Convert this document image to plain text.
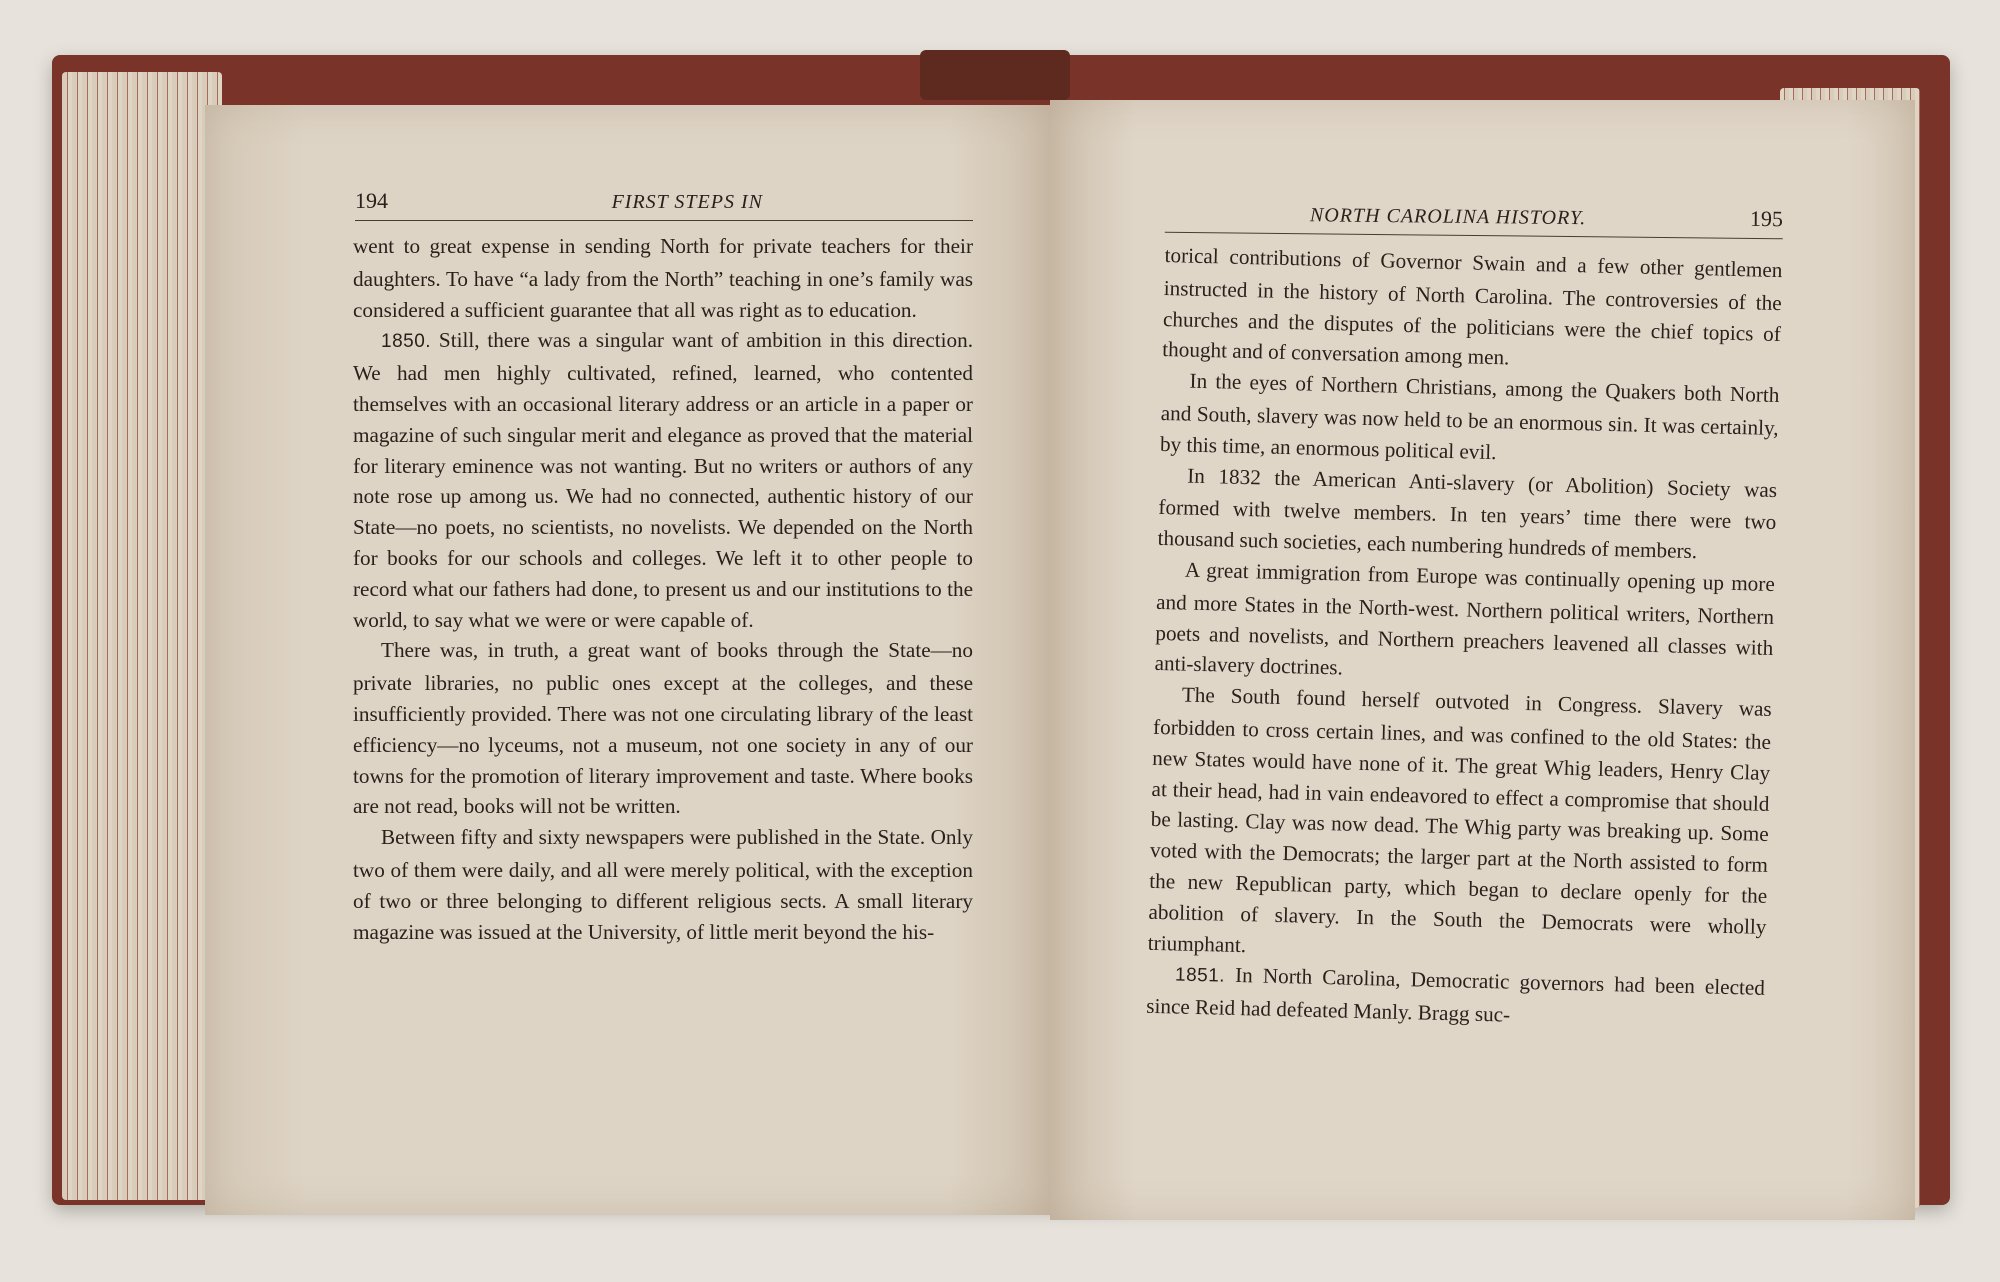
194	FIRST STEPS IN

went to great expense in sending North for private teachers for their daughters. To have “a lady from the North” teaching in one’s family was considered a sufficient guarantee that all was right as to education.

1850. Still, there was a singular want of ambition in this direction. We had men highly cultivated, refined, learned, who contented themselves with an occasional literary address or an article in a paper or magazine of such singular merit and elegance as proved that the material for literary eminence was not wanting. But no writers or authors of any note rose up among us. We had no connected, authentic history of our State—no poets, no scientists, no novelists. We depended on the North for books for our schools and colleges. We left it to other people to record what our fathers had done, to present us and our institutions to the world, to say what we were or were capable of.

There was, in truth, a great want of books through the State—no private libraries, no public ones except at the colleges, and these insufficiently provided. There was not one circulating library of the least efficiency—no lyceums, not a museum, not one society in any of our towns for the promotion of literary improvement and taste. Where books are not read, books will not be written.

Between fifty and sixty newspapers were published in the State. Only two of them were daily, and all were merely political, with the exception of two or three belonging to different religious sects. A small literary magazine was issued at the University, of little merit beyond the his-

NORTH CAROLINA HISTORY.	195

torical contributions of Governor Swain and a few other gentlemen instructed in the history of North Carolina. The controversies of the churches and the disputes of the politicians were the chief topics of thought and of conversation among men.

In the eyes of Northern Christians, among the Quakers both North and South, slavery was now held to be an enormous sin. It was certainly, by this time, an enormous political evil.

In 1832 the American Anti-slavery (or Abolition) Society was formed with twelve members. In ten years’ time there were two thousand such societies, each numbering hundreds of members.

A great immigration from Europe was continually opening up more and more States in the North-west. Northern political writers, Northern poets and novelists, and Northern preachers leavened all classes with anti-slavery doctrines.

The South found herself outvoted in Congress. Slavery was forbidden to cross certain lines, and was confined to the old States: the new States would have none of it. The great Whig leaders, Henry Clay at their head, had in vain endeavored to effect a compromise that should be lasting. Clay was now dead. The Whig party was breaking up. Some voted with the Democrats; the larger part at the North assisted to form the new Republican party, which began to declare openly for the abolition of slavery. In the South the Democrats were wholly triumphant.

1851. In North Carolina, Democratic governors had been elected since Reid had defeated Manly. Bragg suc-
